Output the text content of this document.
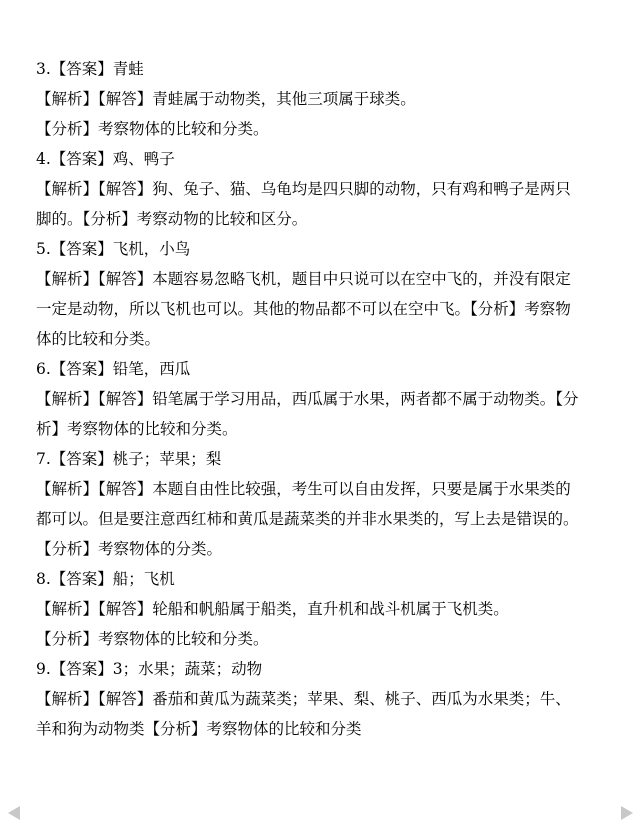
3.【答案】青蛙
【解析】【解答】青蛙属于动物类，其他三项属于球类。
【分析】考察物体的比较和分类。
4.【答案】鸡、鸭子
【解析】【解答】狗、兔子、猫、乌龟均是四只脚的动物，只有鸡和鸭子是两只
脚的。【分析】考察动物的比较和区分。
5.【答案】飞机，小鸟
【解析】【解答】本题容易忽略飞机，题目中只说可以在空中飞的，并没有限定
一定是动物，所以飞机也可以。其他的物品都不可以在空中飞。【分析】考察物
体的比较和分类。
6.【答案】铅笔，西瓜
【解析】【解答】铅笔属于学习用品，西瓜属于水果，两者都不属于动物类。【分
析】考察物体的比较和分类。
7.【答案】桃子；苹果；梨
【解析】【解答】本题自由性比较强，考生可以自由发挥，只要是属于水果类的
都可以。但是要注意西红柿和黄瓜是蔬菜类的并非水果类的，写上去是错误的。
【分析】考察物体的分类。
8.【答案】船；飞机
【解析】【解答】轮船和帆船属于船类，直升机和战斗机属于飞机类。
【分析】考察物体的比较和分类。
9.【答案】3；水果；蔬菜；动物
【解析】【解答】番茄和黄瓜为蔬菜类；苹果、梨、桃子、西瓜为水果类；牛、
羊和狗为动物类【分析】考察物体的比较和分类
